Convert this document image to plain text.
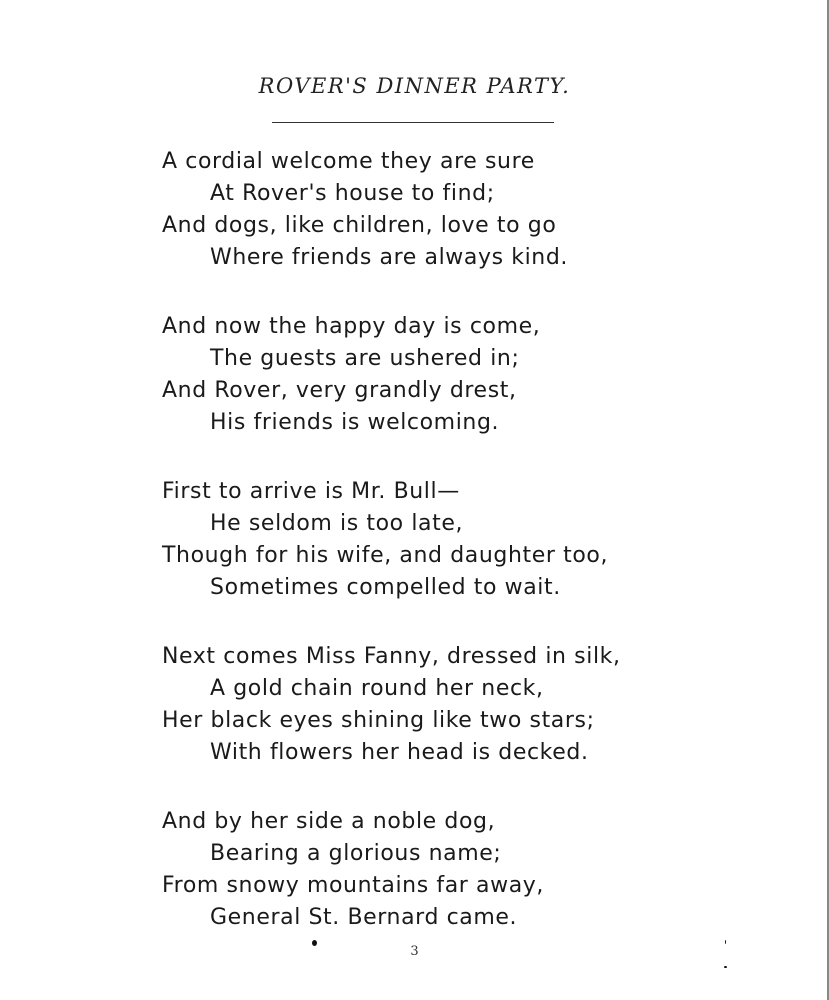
ROVER'S DINNER PARTY.
A cordial welcome they are sure
At Rover's house to find;
And dogs, like children, love to go
Where friends are always kind.
And now the happy day is come,
The guests are ushered in;
And Rover, very grandly drest,
His friends is welcoming.
First to arrive is Mr. Bull—
He seldom is too late,
Though for his wife, and daughter too,
Sometimes compelled to wait.
Next comes Miss Fanny, dressed in silk,
A gold chain round her neck,
Her black eyes shining like two stars;
With flowers her head is decked.
And by her side a noble dog,
Bearing a glorious name;
From snowy mountains far away,
General St. Bernard came.
3
